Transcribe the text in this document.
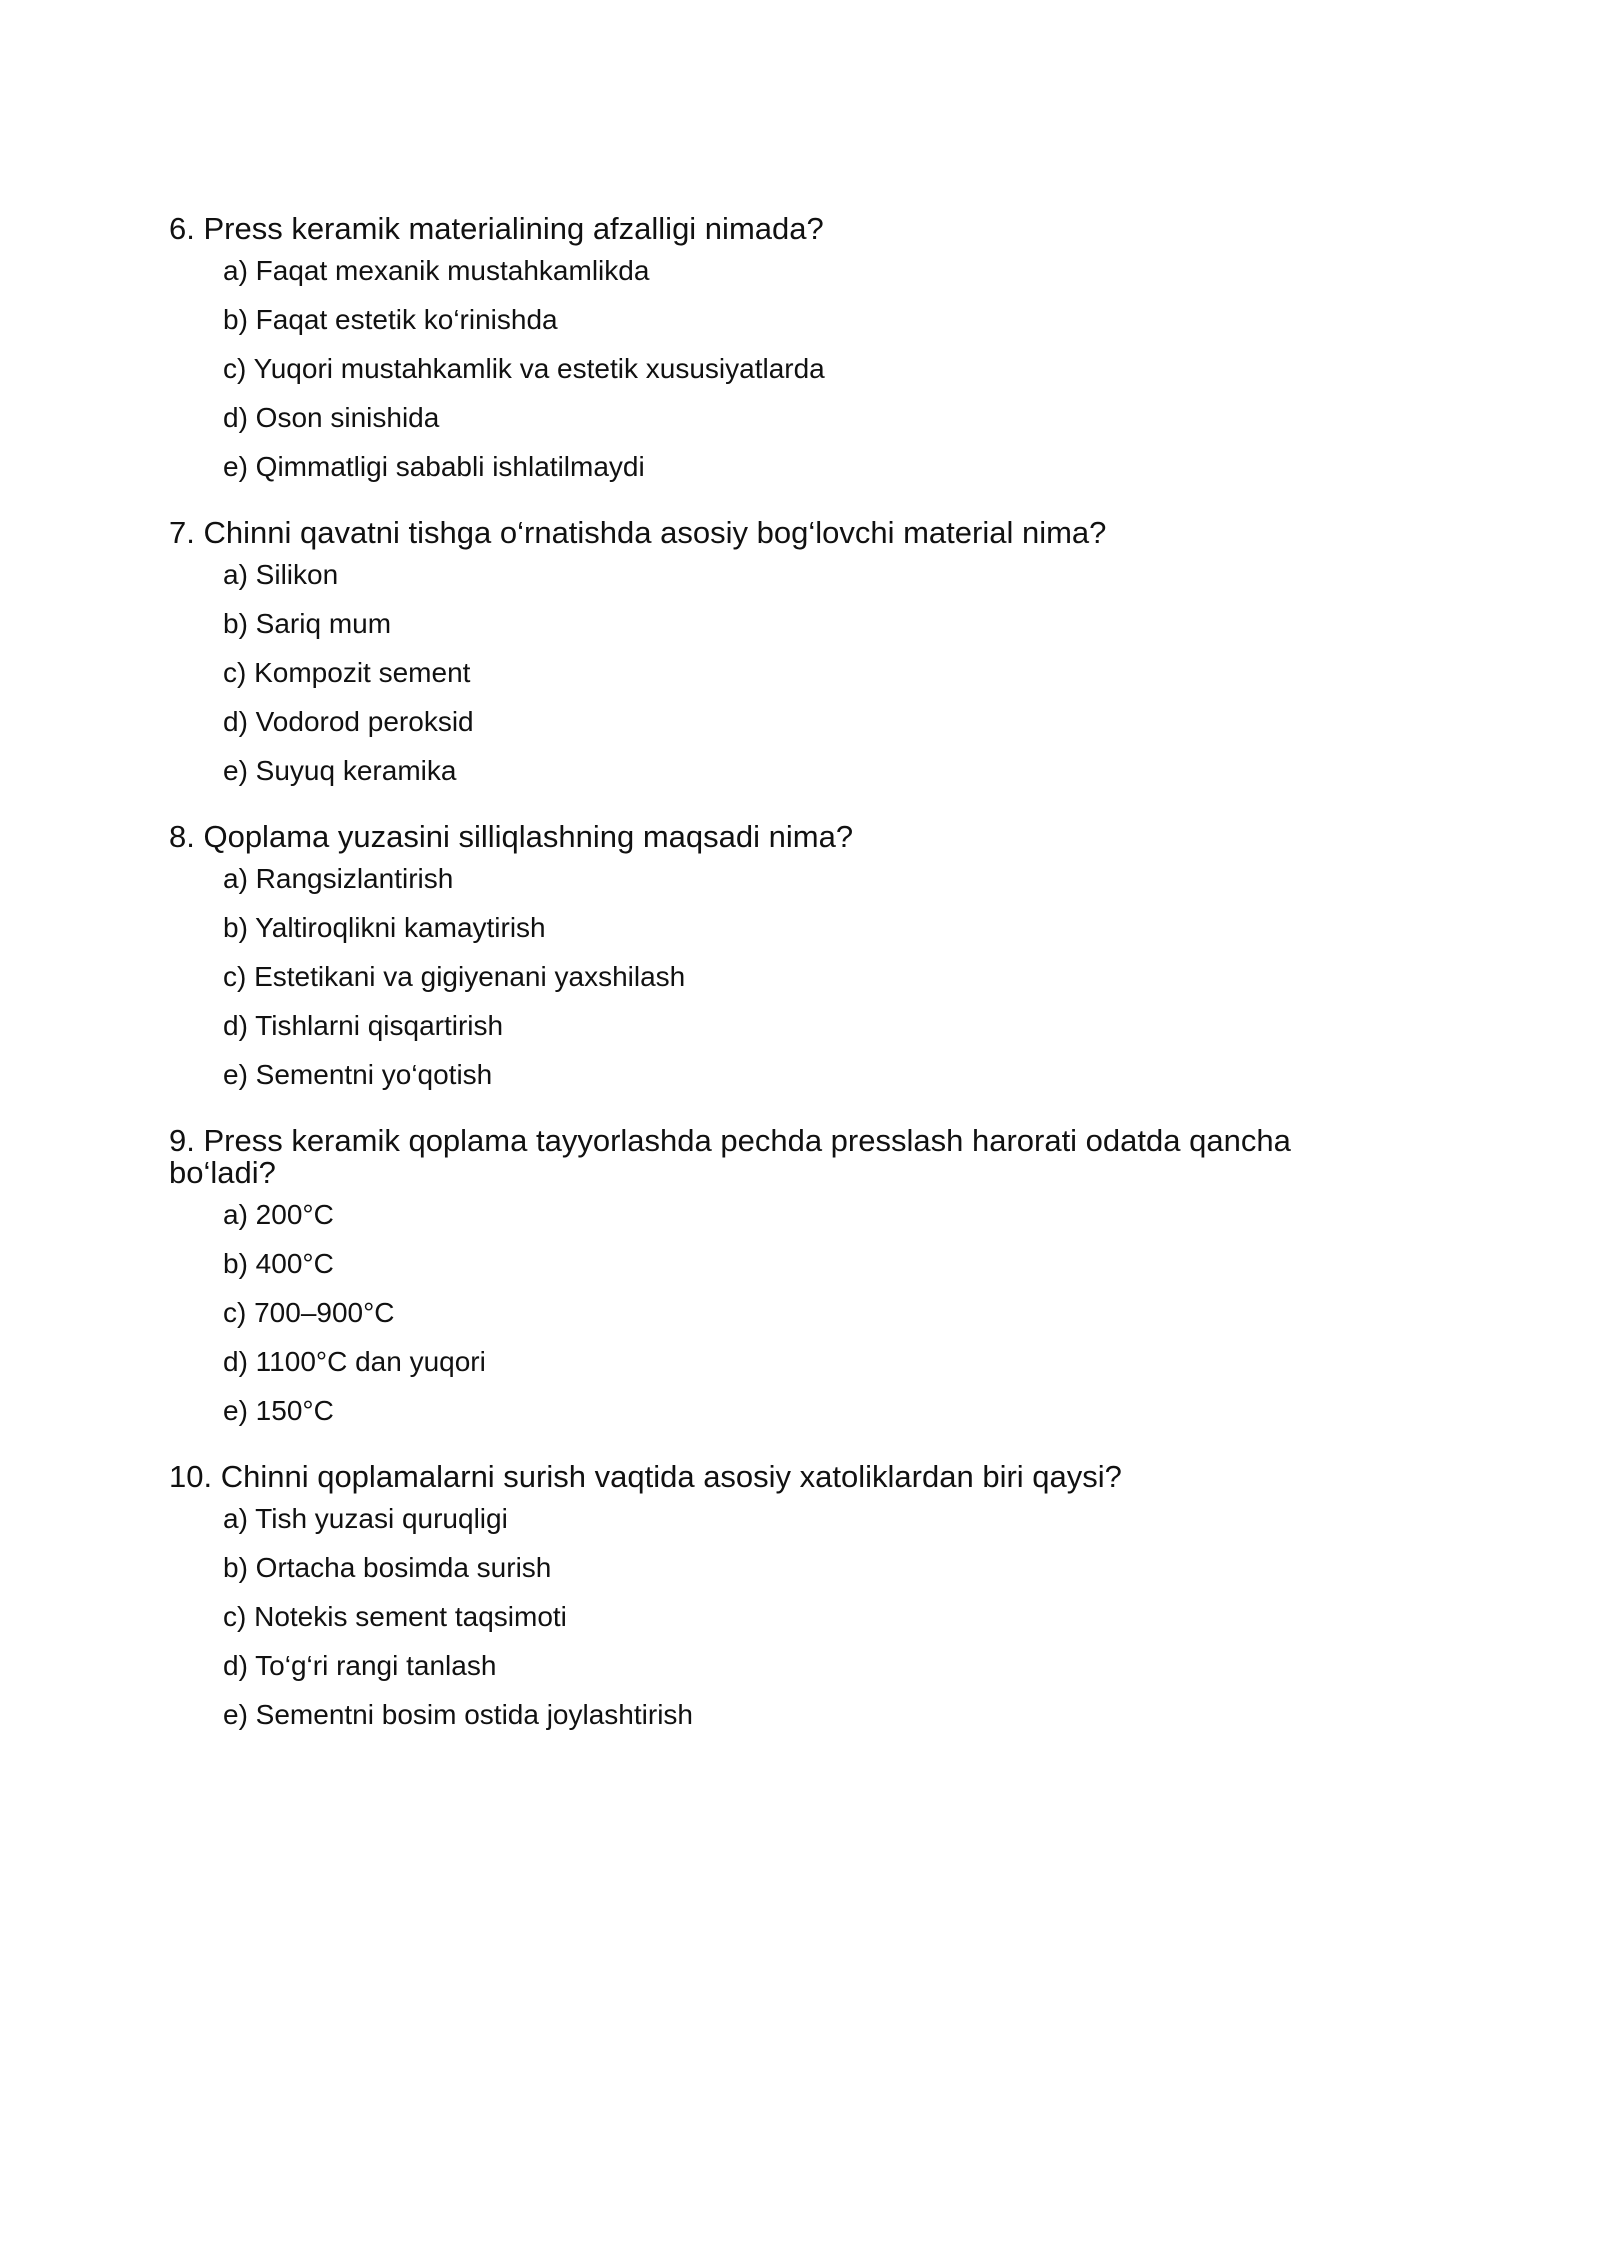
6. Press keramik materialining afzalligi nimada?
a) Faqat mexanik mustahkamlikda
b) Faqat estetik ko‘rinishda
c) Yuqori mustahkamlik va estetik xususiyatlarda
d) Oson sinishida
e) Qimmatligi sababli ishlatilmaydi
7. Chinni qavatni tishga o‘rnatishda asosiy bog‘lovchi material nima?
a) Silikon
b) Sariq mum
c) Kompozit sement
d) Vodorod peroksid
e) Suyuq keramika
8. Qoplama yuzasini silliqlashning maqsadi nima?
a) Rangsizlantirish
b) Yaltiroqlikni kamaytirish
c) Estetikani va gigiyenani yaxshilash
d) Tishlarni qisqartirish
e) Sementni yo‘qotish
9. Press keramik qoplama tayyorlashda pechda presslash harorati odatda qancha bo‘ladi?
a) 200°C
b) 400°C
c) 700–900°C
d) 1100°C dan yuqori
e) 150°C
10. Chinni qoplamalarni surish vaqtida asosiy xatoliklardan biri qaysi?
a) Tish yuzasi quruqligi
b) Ortacha bosimda surish
c) Notekis sement taqsimoti
d) To‘g‘ri rangi tanlash
e) Sementni bosim ostida joylashtirish
